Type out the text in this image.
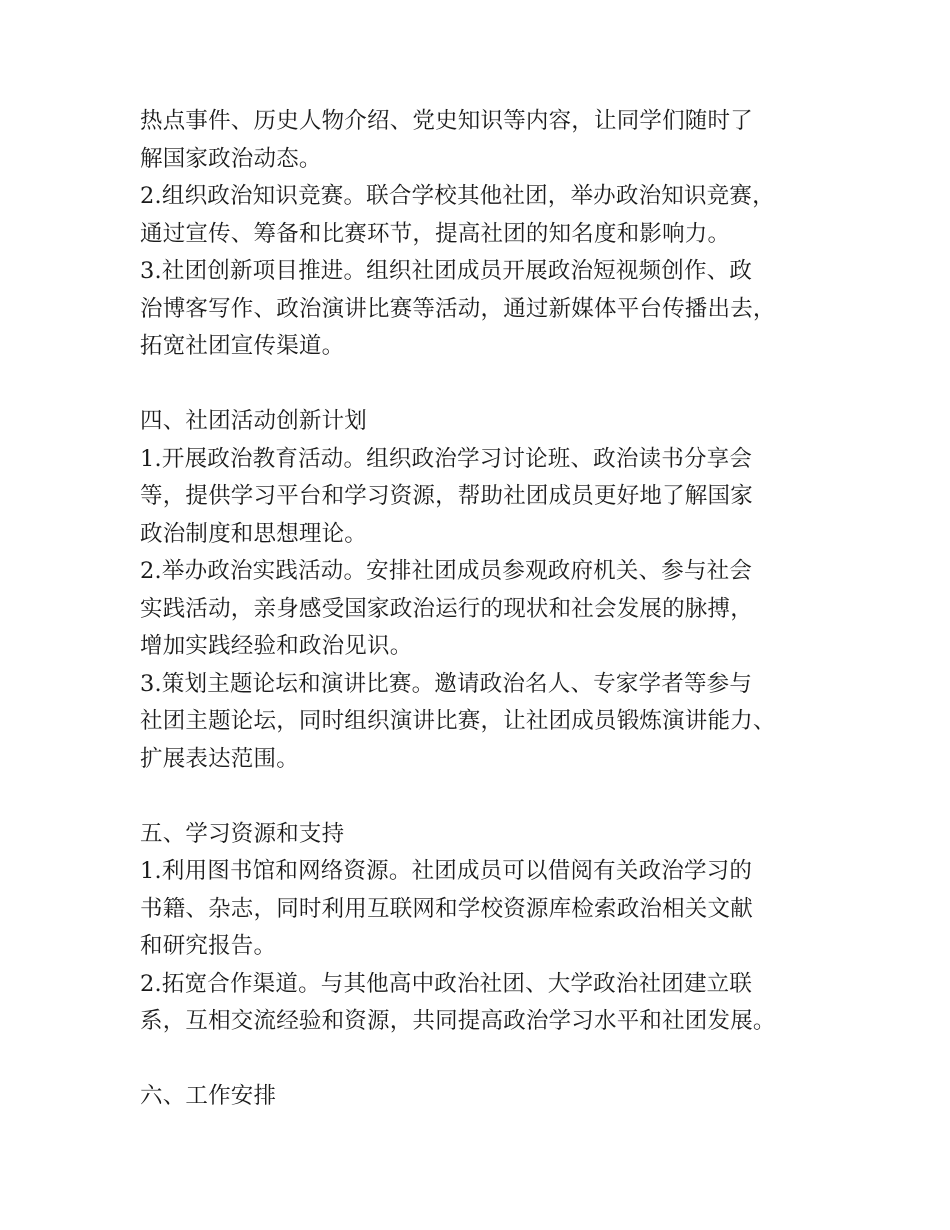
热点事件、历史人物介绍、党史知识等内容，让同学们随时了
解国家政治动态。
2.组织政治知识竞赛。联合学校其他社团，举办政治知识竞赛，
通过宣传、筹备和比赛环节，提高社团的知名度和影响力。
3.社团创新项目推进。组织社团成员开展政治短视频创作、政
治博客写作、政治演讲比赛等活动，通过新媒体平台传播出去，
拓宽社团宣传渠道。
四、社团活动创新计划
1.开展政治教育活动。组织政治学习讨论班、政治读书分享会
等，提供学习平台和学习资源，帮助社团成员更好地了解国家
政治制度和思想理论。
2.举办政治实践活动。安排社团成员参观政府机关、参与社会
实践活动，亲身感受国家政治运行的现状和社会发展的脉搏，
增加实践经验和政治见识。
3.策划主题论坛和演讲比赛。邀请政治名人、专家学者等参与
社团主题论坛，同时组织演讲比赛，让社团成员锻炼演讲能力、
扩展表达范围。
五、学习资源和支持
1.利用图书馆和网络资源。社团成员可以借阅有关政治学习的
书籍、杂志，同时利用互联网和学校资源库检索政治相关文献
和研究报告。
2.拓宽合作渠道。与其他高中政治社团、大学政治社团建立联
系，互相交流经验和资源，共同提高政治学习水平和社团发展。
六、工作安排
